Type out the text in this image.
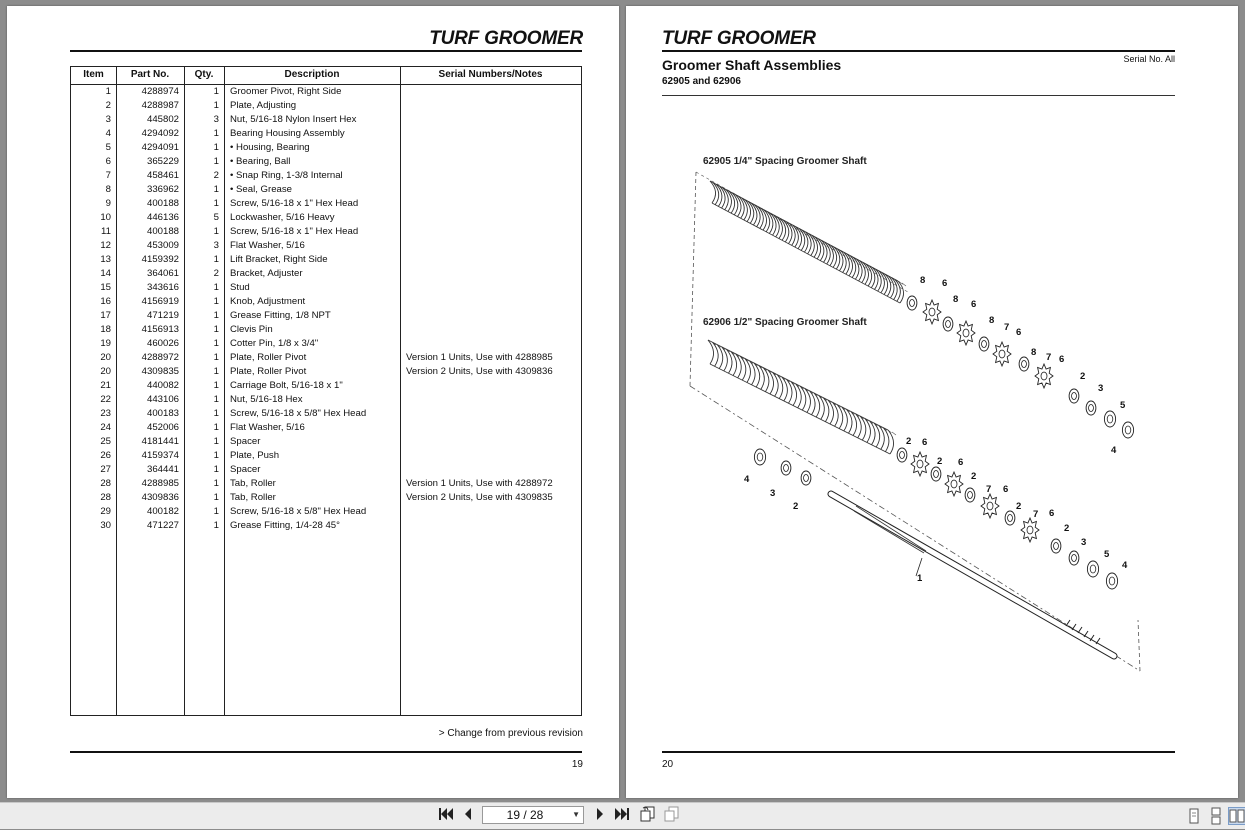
TURF GROOMER
Item	Part No.	Qty.	Description	Serial Numbers/Notes
1	4288974	1 Groomer Pivot, Right Side
2	4288987	1 Plate, Adjusting
3	445802	3 Nut, 5/16-18 Nylon Insert Hex
4	4294092	1 Bearing Housing Assembly
5	4294091	1 • Housing, Bearing
6	365229	1 • Bearing, Ball
7	458461	2 • Snap Ring, 1-3/8 Internal
8	336962	1 • Seal, Grease
9	400188	1 Screw, 5/16-18 x 1" Hex Head
10	446136	5 Lockwasher, 5/16 Heavy
11	400188	1 Screw, 5/16-18 x 1" Hex Head
12	453009	3 Flat Washer, 5/16
13	4159392	1 Lift Bracket, Right Side
14	364061	2 Bracket, Adjuster
15	343616	1 Stud
16	4156919	1 Knob, Adjustment
17	471219	1 Grease Fitting, 1/8 NPT
18	4156913	1 Clevis Pin
19	460026	1 Cotter Pin, 1/8 x 3/4"
20	4288972	1 Plate, Roller Pivot	Version 1 Units, Use with 4288985
20	4309835	1 Plate, Roller Pivot	Version 2 Units, Use with 4309836
21	440082	1 Carriage Bolt, 5/16-18 x 1"
22	443106	1 Nut, 5/16-18 Hex
23	400183	1 Screw, 5/16-18 x 5/8" Hex Head
24	452006	1 Flat Washer, 5/16
25	4181441	1 Spacer
26	4159374	1 Plate, Push
27	364441	1 Spacer
28	4288985	1 Tab, Roller	Version 1 Units, Use with 4288972
28	4309836	1 Tab, Roller	Version 2 Units, Use with 4309835
29	400182	1 Screw, 5/16-18 x 5/8" Hex Head
30	471227	1 Grease Fitting, 1/4-28 45°
> Change from previous revision
19
TURF GROOMER
Groomer Shaft Assemblies
62905 and 62906
Serial No. All
62905 1/4" Spacing Groomer Shaft
62906 1/2" Spacing Groomer Shaft
8 6
8 6
8
7 6
8 7 6
2
3
5
4
2 6
2 6
2
7 6
2
7 6
2
3
5
4
4
3
2
1
20
19 / 28	▼
